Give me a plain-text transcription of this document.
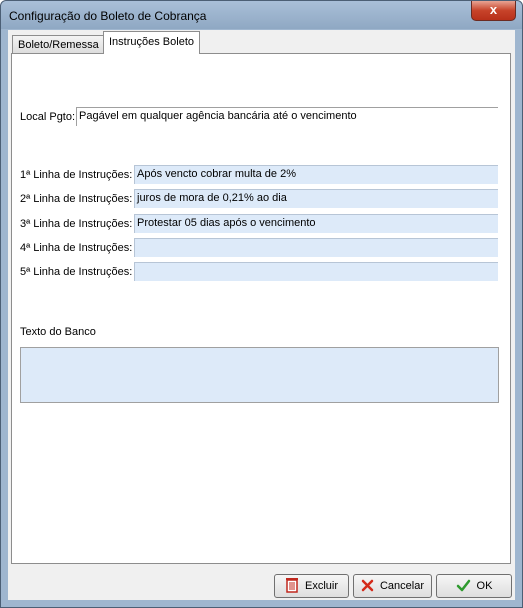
Configuração do Boleto de Cobrança	x
Boleto/Remessa Instruções Boleto
Local Pgto: Pagável em qualquer agência bancária até o vencimento
1ª Linha de Instruções: Após vencto cobrar multa de 2%
2ª Linha de Instruções: juros de mora de 0,21% ao dia
3ª Linha de Instruções: Protestar 05 dias após o vencimento
4ª Linha de Instruções:
5ª Linha de Instruções:
Texto do Banco
Excluir	Cancelar	OK
